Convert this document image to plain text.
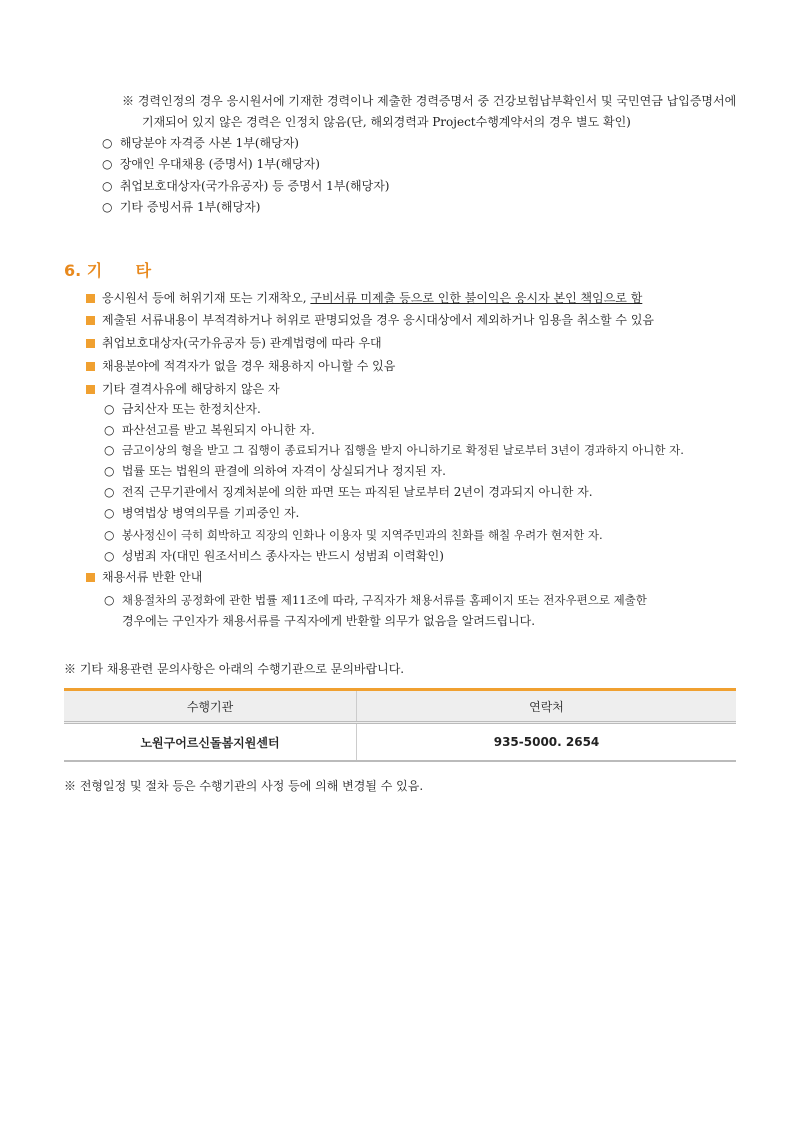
※ 경력인정의 경우 응시원서에 기재한 경력이나 제출한 경력증명서 중 건강보험납부확인서 및 국민연금 납입증명서에
기재되어 있지 않은 경력은 인정치 않음(단, 해외경력과 Project수행계약서의 경우 별도 확인)
○ 해당분야 자격증 사본 1부(해당자)
○ 장애인 우대채용 (증명서) 1부(해당자)
○ 취업보호대상자(국가유공자) 등 증명서 1부(해당자)
○ 기타 증빙서류 1부(해당자)
6. 기      타
응시원서 등에 허위기재 또는 기재착오, 구비서류 미제출 등으로 인한 불이익은 응시자 본인 책임으로 함
제출된 서류내용이 부적격하거나 허위로 판명되었을 경우 응시대상에서 제외하거나 임용을 취소할 수 있음
취업보호대상자(국가유공자 등) 관계법령에 따라 우대
채용분야에 적격자가 없을 경우 채용하지 아니할 수 있음
기타 결격사유에 해당하지 않은 자
○ 금치산자 또는 한정치산자.
○ 파산선고를 받고 복원되지 아니한 자.
○ 금고이상의 형을 받고 그 집행이 종료되거나 집행을 받지 아니하기로 확정된 날로부터 3년이 경과하지 아니한 자.
○ 법률 또는 법원의 판결에 의하여 자격이 상실되거나 정지된 자.
○ 전직 근무기관에서 징계처분에 의한 파면 또는 파직된 날로부터 2년이 경과되지 아니한 자.
○ 병역법상 병역의무를 기피중인 자.
○ 봉사정신이 극히 희박하고 직장의 인화나 이용자 및 지역주민과의 친화를 해칠 우려가 현저한 자.
○ 성범죄 자(대민 원조서비스 종사자는 반드시 성범죄 이력확인)
채용서류 반환 안내
○ 채용절차의 공정화에 관한 법률 제11조에 따라, 구직자가 채용서류를 홈페이지 또는 전자우편으로 제출한
경우에는 구인자가 채용서류를 구직자에게 반환할 의무가 없음을 알려드립니다.
※ 기타 채용관련 문의사항은 아래의 수행기관으로 문의바랍니다.
수행기관	연락처
노원구어르신돌봄지원센터	935-5000. 2654
※ 전형일정 및 절차 등은 수행기관의 사정 등에 의해 변경될 수 있음.
